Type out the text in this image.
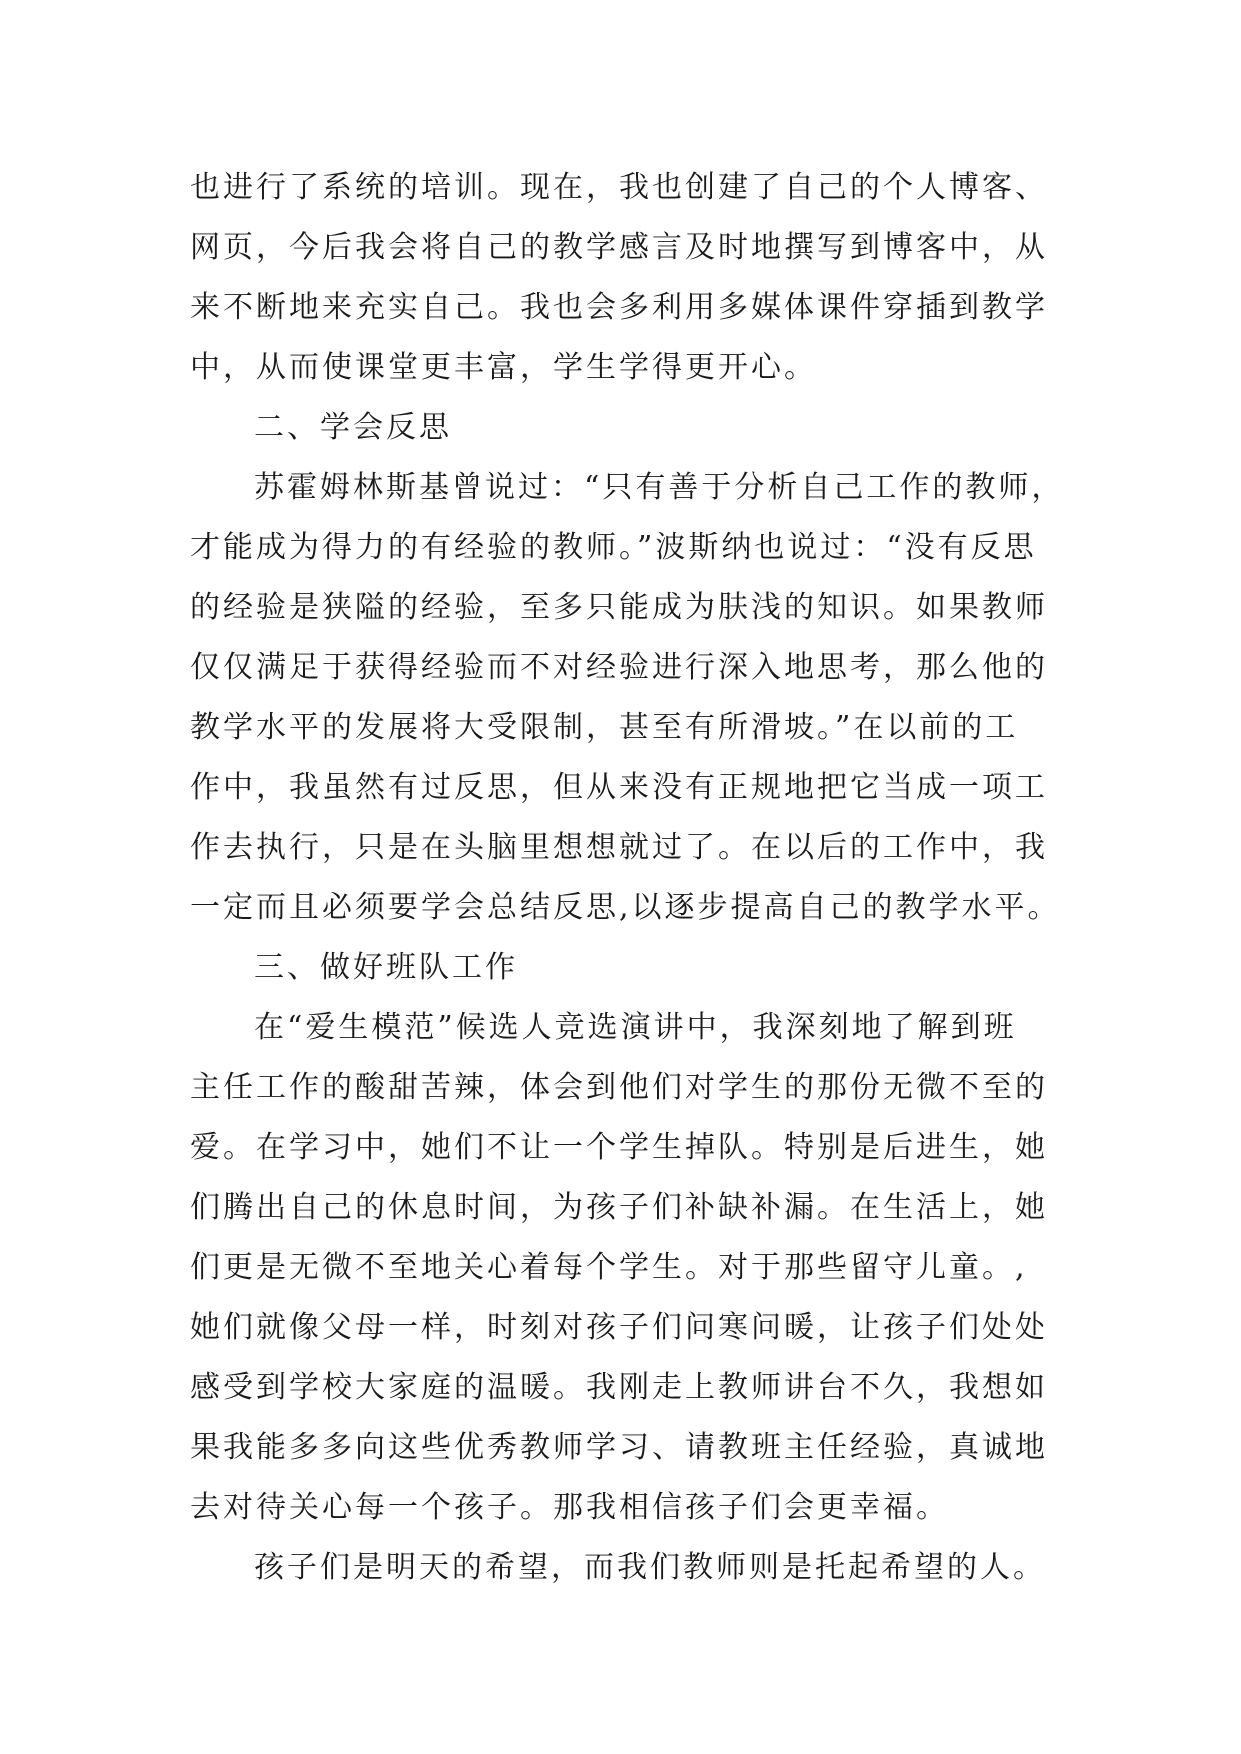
也进行了系统的培训。现在，我也创建了自己的个人博客、
网页，今后我会将自己的教学感言及时地撰写到博客中，从
来不断地来充实自己。我也会多利用多媒体课件穿插到教学
中，从而使课堂更丰富，学生学得更开心。
二、学会反思
苏霍姆林斯基曾说过：“只有善于分析自己工作的教师，
才能成为得力的有经验的教师。”波斯纳也说过：“没有反思
的经验是狭隘的经验，至多只能成为肤浅的知识。如果教师
仅仅满足于获得经验而不对经验进行深入地思考，那么他的
教学水平的发展将大受限制，甚至有所滑坡。”在以前的工
作中，我虽然有过反思，但从来没有正规地把它当成一项工
作去执行，只是在头脑里想想就过了。在以后的工作中，我
一定而且必须要学会总结反思,以逐步提高自己的教学水平。
三、做好班队工作
在“爱生模范”候选人竞选演讲中，我深刻地了解到班
主任工作的酸甜苦辣，体会到他们对学生的那份无微不至的
爱。在学习中，她们不让一个学生掉队。特别是后进生，她
们腾出自己的休息时间，为孩子们补缺补漏。在生活上，她
们更是无微不至地关心着每个学生。对于那些留守儿童。,
她们就像父母一样，时刻对孩子们问寒问暖，让孩子们处处
感受到学校大家庭的温暖。我刚走上教师讲台不久，我想如
果我能多多向这些优秀教师学习、请教班主任经验，真诚地
去对待关心每一个孩子。那我相信孩子们会更幸福。
孩子们是明天的希望，而我们教师则是托起希望的人。
